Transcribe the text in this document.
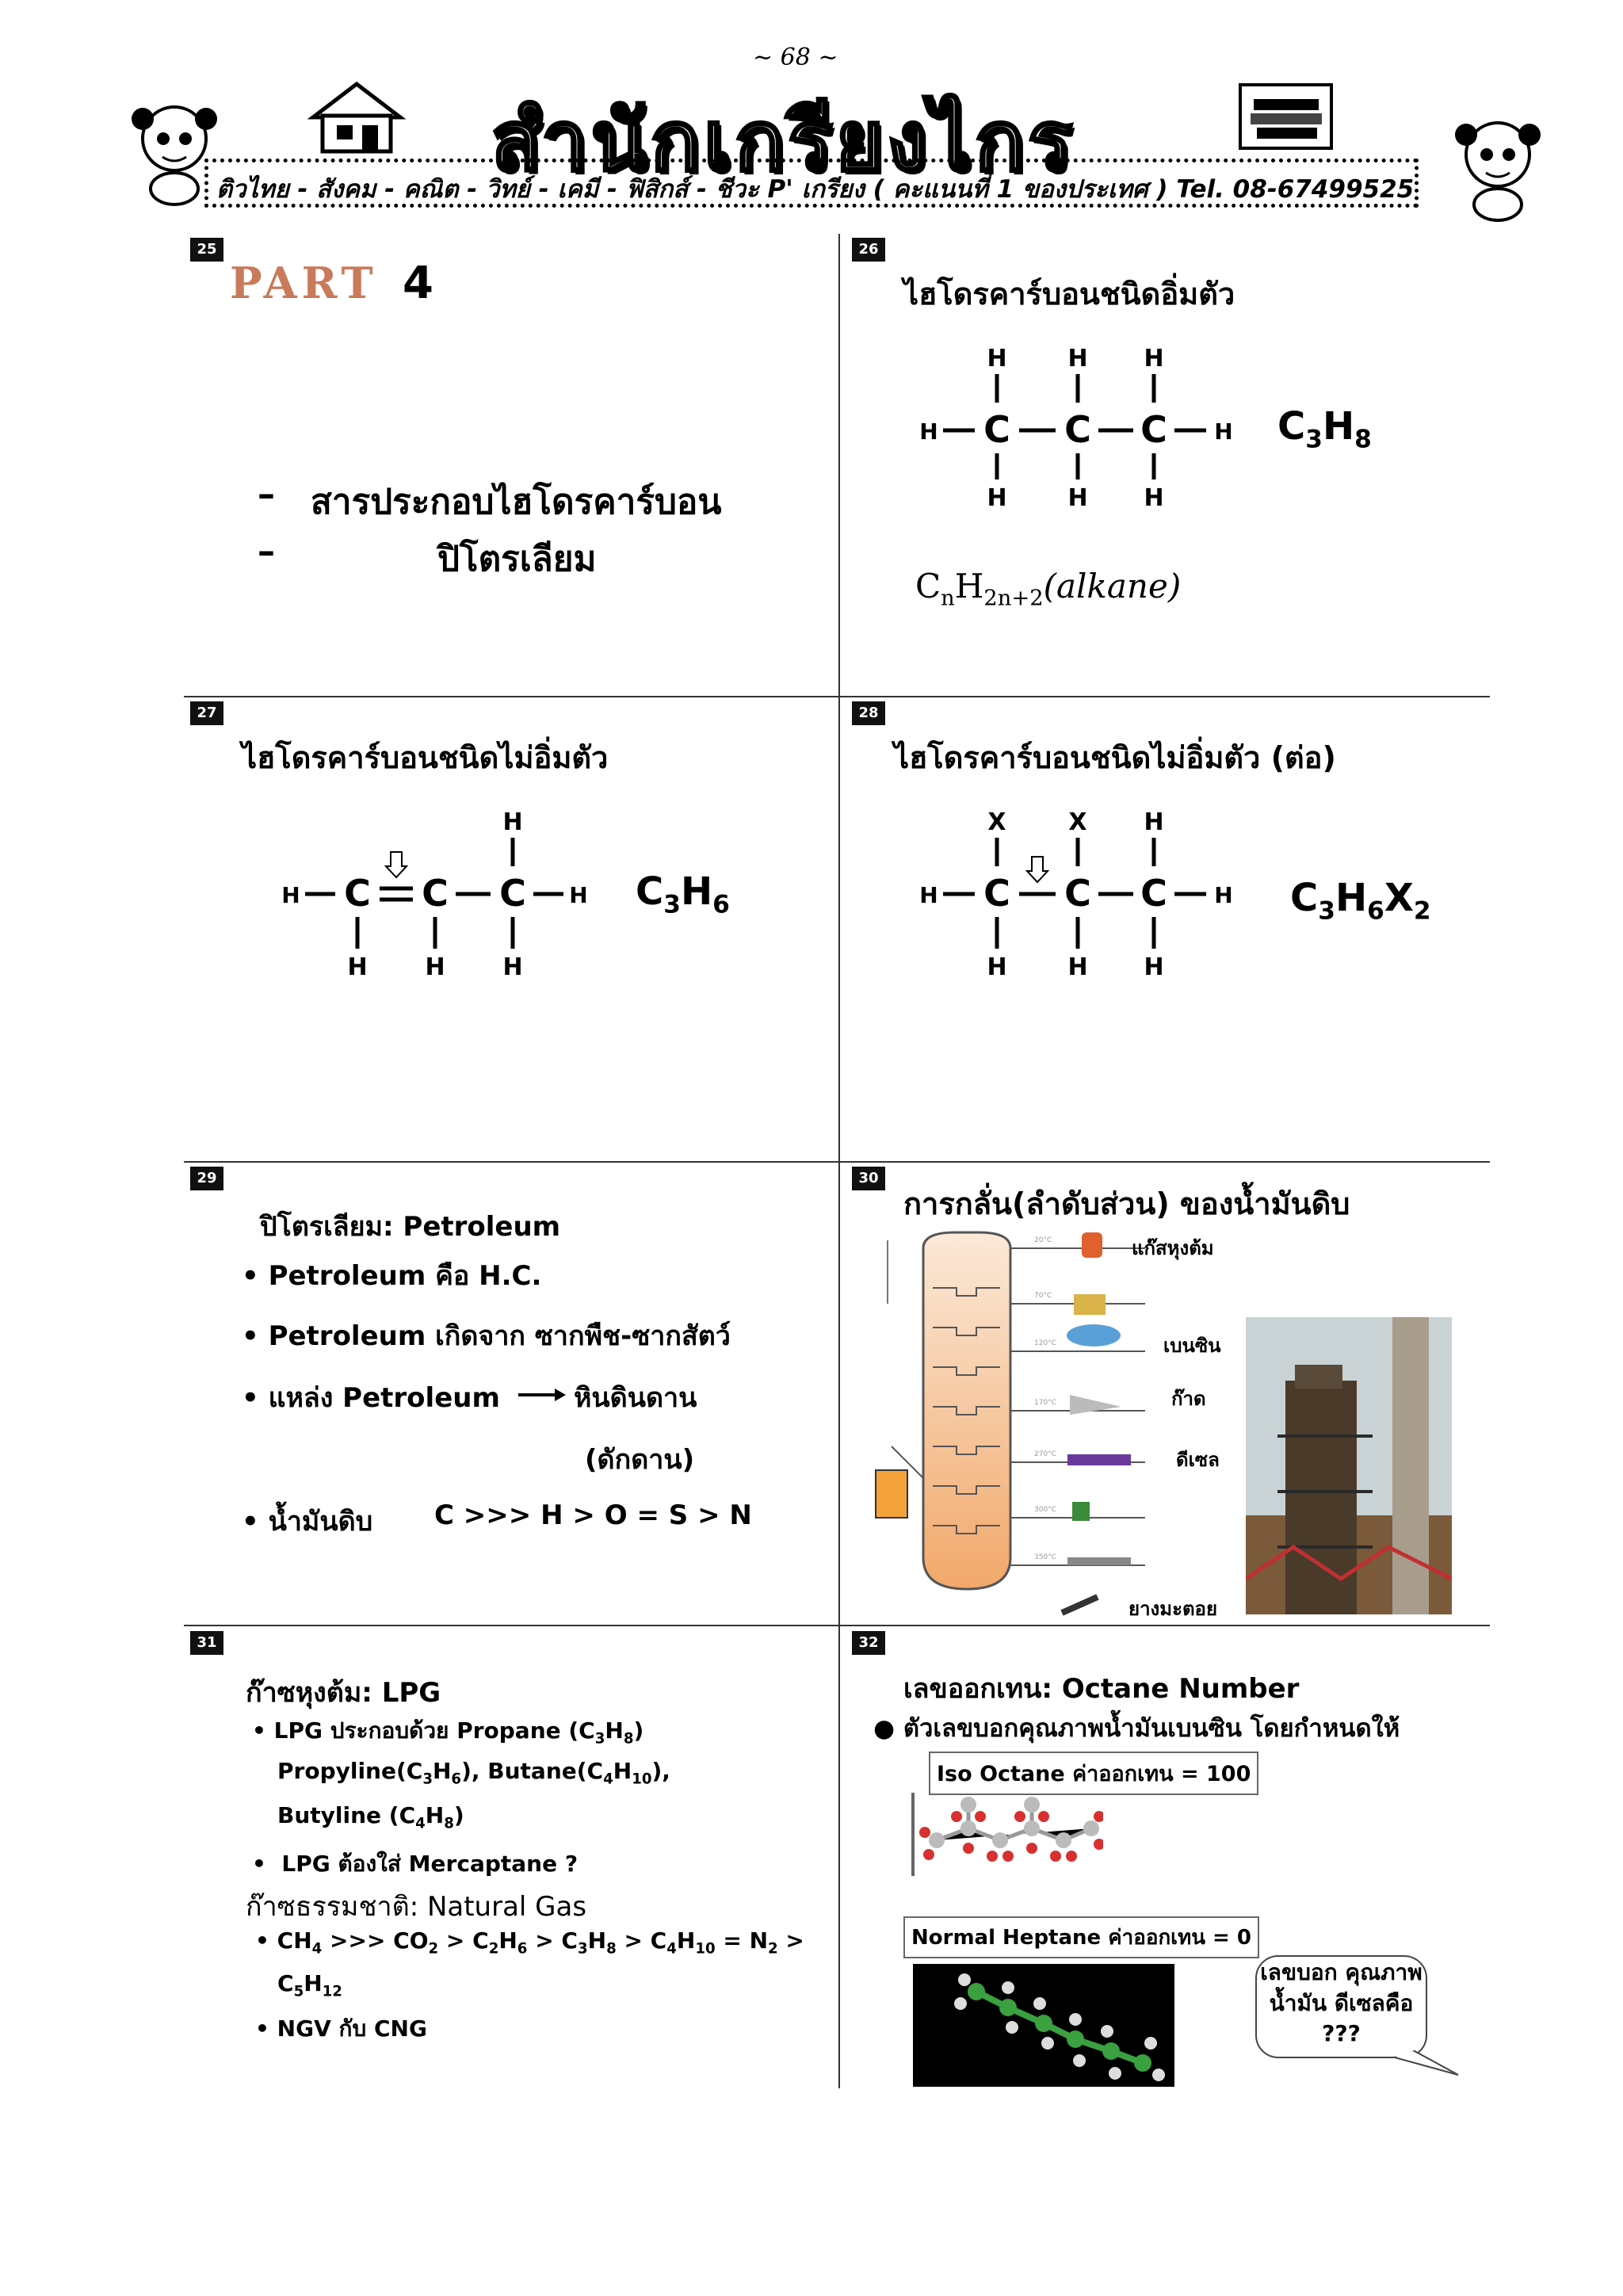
~ 68 ~
สำนักเกรียงไกร
ติวไทย - สังคม - คณิต - วิทย์ - เคมี - ฟิสิกส์ - ชีวะ P' เกรียง ( คะแนนที่ 1 ของประเทศ ) Tel. 08-67499525
25
PART 4
– สารประกอบไฮโดรคาร์บอน
–	ปิโตรเลียม
26
ไฮโดรคาร์บอนชนิดอิ่มตัว
H	H H
H	H H
H	H
C C C	$C_3H_8$
$C_nH_{2n+2}(alkane)$
27
ไฮโดรคาร์บอนชนิดไม่อิ่มตัว
H
H H H
H	H
C C C	$C_3H_6$
28
ไฮโดรคาร์บอนชนิดไม่อิ่มตัว (ต่อ)
X	X H
H	H H
H	H
C C C	$C_3H_6X_2$
29
ปิโตรเลียม: Petroleum
• Petroleum คือ H.C.
• Petroleum เกิดจาก ซากพืช-ซากสัตว์
• แหล่ง Petroleum	หินดินดาน
(ดักดาน)
• น้ำมันดิบ C >>> H > O = S > N
30
การกลั่น(ลำดับส่วน) ของน้ำมันดิบ
20°C
70°C
120°C
170°C
270°C
300°C
350°C
แก๊สหุงต้ม
เบนซิน
ก๊าด
ดีเซล
ยางมะตอย
31
ก๊าซหุงต้ม: LPG
• LPG ประกอบด้วย Propane $(C_3H_8)$
$Propyline(C_3H_6)$, $Butane(C_4H_{10})$,
Butyline $(C_4H_8)$
•  LPG ต้องใส่ Mercaptane ?
ก๊าซธรรมชาติ: Natural Gas
• $CH_4$ >>> $CO_2 > C_2H_6 > C_3H_8 > C_4H_{10} = N_2$ >
$C_5H_{12}$
• NGV กับ CNG
32
เลขออกเทน: Octane Number
● ตัวเลขบอกคุณภาพน้ำมันเบนซิน โดยกำหนดให้
Iso Octane ค่าออกเทน = 100
Normal Heptane ค่าออกเทน = 0
เลขบอก คุณภาพน้ำมัน ดีเซลคือ ???
